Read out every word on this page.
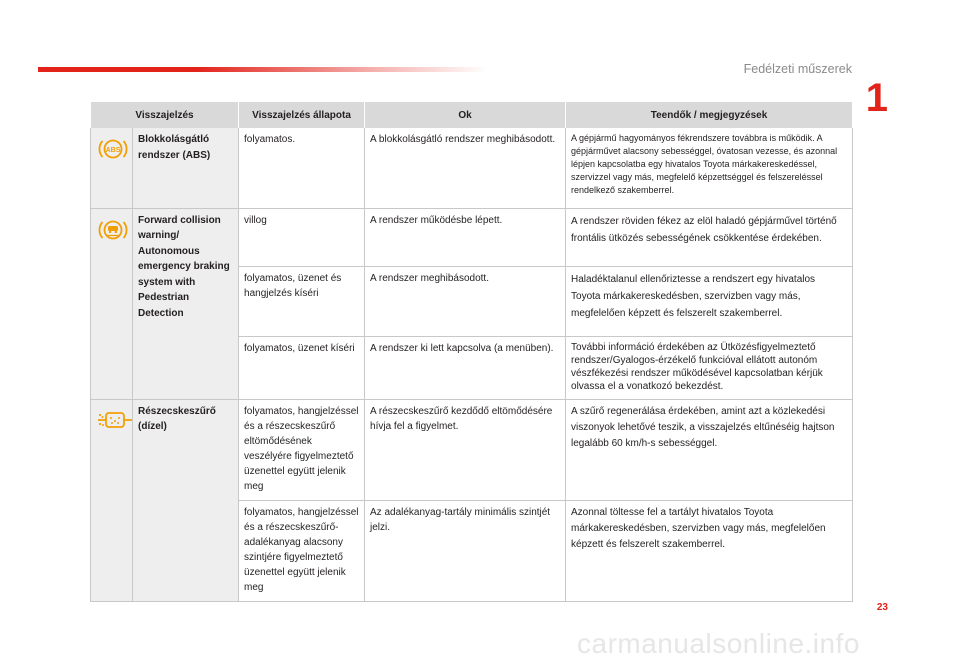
Fedélzeti műszerek
1
Visszajelzés		Visszajelzés állapota	Ok	Teendők / megjegyzések

ABS	Blokkolásgátló rendszer (ABS)	folyamatos.	A blokkolásgátló rendszer meghibásodott.	A gépjármű hagyományos fékrendszere továbbra is működik. A gépjárművet alacsony sebességgel, óvatosan vezesse, és azonnal lépjen kapcsolatba egy hivatalos Toyota márkakereskedéssel, szervizzel vagy más, megfelelő képzettséggel és felszereléssel rendelkező szakemberrel.
	Forward collision warning/ Autonomous emergency braking system with Pedestrian Detection	villog	A rendszer működésbe lépett.	A rendszer röviden fékez az elöl haladó gépjárművel történő frontális ütközés sebességének csökkentése érdekében.
		folyamatos, üzenet és hangjelzés kíséri	A rendszer meghibásodott.	Haladéktalanul ellenőriztesse a rendszert egy hivatalos Toyota márkakereskedésben, szervizben vagy más, megfelelően képzett és felszerelt szakemberrel.
		folyamatos, üzenet kíséri	A rendszer ki lett kapcsolva (a menüben).	További információ érdekében az Ütközésfigyelmeztető rendszer/Gyalogos-érzékelő funkcióval ellátott autonóm vészfékezési rendszer működésével kapcsolatban kérjük olvassa el a vonatkozó bekezdést.
	Részecskeszűrő (dízel)	folyamatos, hangjelzéssel és a részecskeszűrő eltömődésének veszélyére figyelmeztető üzenettel együtt jelenik meg	A részecskeszűrő kezdődő eltömődésére hívja fel a figyelmet.	A szűrő regenerálása érdekében, amint azt a közlekedési viszonyok lehetővé teszik, a visszajelzés eltűnéséig hajtson legalább 60 km/h-s sebességgel.
		folyamatos, hangjelzéssel és a részecskeszűrő-adalékanyag alacsony szintjére figyelmeztető üzenettel együtt jelenik meg	Az adalékanyag-tartály minimális szintjét jelzi.	Azonnal töltesse fel a tartályt hivatalos Toyota márkakereskedésben, szervizben vagy más, megfelelően képzett és felszerelt szakemberrel.
23
carmanualsonline.info
